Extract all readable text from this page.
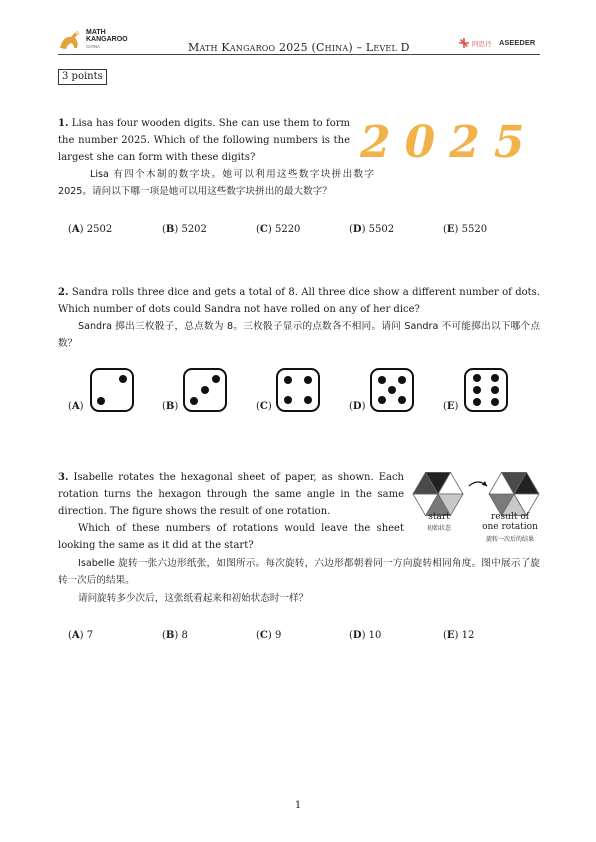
MATH
KANGAROO
CHINA	Math Kangaroo 2025 (China) – Level D	阿思丹 ASEEDER
3 points
1. Lisa has four wooden digits. She can use them to form the number 2025. Which of the following numbers is the largest she can form with these digits?
Lisa 有四个木制的数字块。她可以利用这些数字块拼出数字 2025。请问以下哪一项是她可以用这些数字块拼出的最大数字？
2025
(A) 2502	(B) 5202	(C) 5220	(D) 5502	(E) 5520
2. Sandra rolls three dice and gets a total of 8. All three dice show a different number of dots. Which number of dots could Sandra not have rolled on any of her dice?
Sandra 掷出三枚骰子，总点数为 8。三枚骰子显示的点数各不相同。请问 Sandra 不可能掷出以下哪个点数？
(A)	(B)	(C)	(D)	(E)
3. Isabelle rotates the hexagonal sheet of paper, as shown. Each rotation turns the hexagon through the same angle in the same direction. The figure shows the result of one rotation.
Which of these numbers of rotations would leave the sheet looking the same as it did at the start?
Isabelle 旋转一张六边形纸张，如图所示。每次旋转，六边形都朝着同一方向旋转相同角度。图中展示了旋转一次后的结果。
请问旋转多少次后，这张纸看起来和初始状态时一样？
start
初始状态
result of
one rotation
旋转一次后的结果
(A) 7	(B) 8	(C) 9	(D) 10	(E) 12
1
